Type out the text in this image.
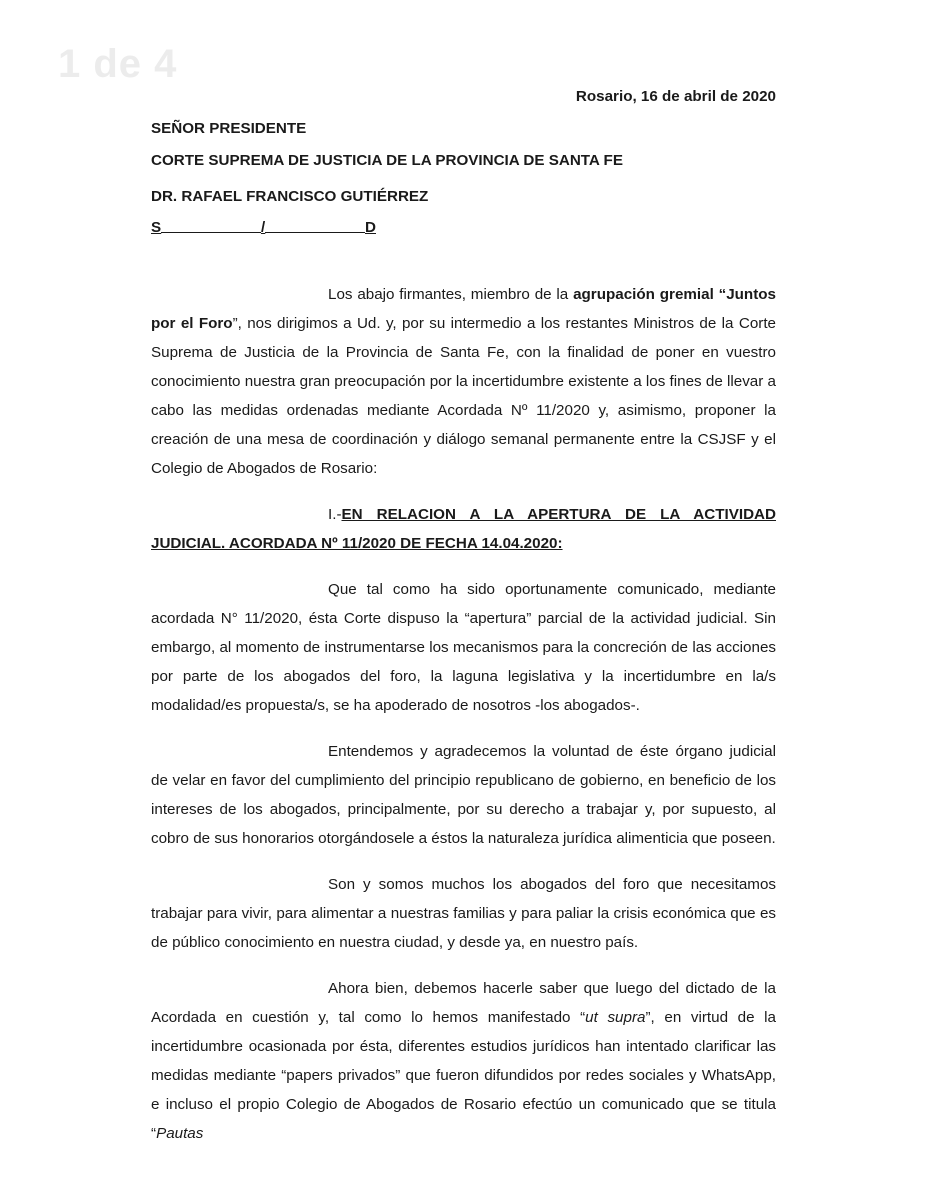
1 de 4

Rosario, 16 de abril de 2020

SEÑOR PRESIDENTE

CORTE SUPREMA DE JUSTICIA DE LA PROVINCIA DE SANTA FE

DR. RAFAEL FRANCISCO GUTIÉRREZ

S	/	D

Los abajo firmantes, miembro de la agrupación gremial “Juntos por el Foro”, nos dirigimos a Ud. y, por su intermedio a los restantes Ministros de la Corte Suprema de Justicia de la Provincia de Santa Fe, con la finalidad de poner en vuestro conocimiento nuestra gran preocupación por la incertidumbre existente a los fines de llevar a cabo las medidas ordenadas mediante Acordada Nº 11/2020 y, asimismo, proponer la creación de una mesa de coordinación y diálogo semanal permanente entre la CSJSF y el Colegio de Abogados de Rosario:

I.-EN RELACION A LA APERTURA DE LA ACTIVIDAD JUDICIAL. ACORDADA Nº 11/2020 DE FECHA 14.04.2020:

Que tal como ha sido oportunamente comunicado, mediante acordada N° 11/2020, ésta Corte dispuso la “apertura” parcial de la actividad judicial. Sin embargo, al momento de instrumentarse los mecanismos para la concreción de las acciones por parte de los abogados del foro, la laguna legislativa y la incertidumbre en la/s modalidad/es propuesta/s, se ha apoderado de nosotros -los abogados-.

Entendemos y agradecemos la voluntad de éste órgano judicial de velar en favor del cumplimiento del principio republicano de gobierno, en beneficio de los intereses de los abogados, principalmente, por su derecho a trabajar y, por supuesto, al cobro de sus honorarios otorgándosele a éstos la naturaleza jurídica alimenticia que poseen.

Son y somos muchos los abogados del foro que necesitamos trabajar para vivir, para alimentar a nuestras familias y para paliar la crisis económica que es de público conocimiento en nuestra ciudad, y desde ya, en nuestro país.

Ahora bien, debemos hacerle saber que luego del dictado de la Acordada en cuestión y, tal como lo hemos manifestado “ut supra”, en virtud de la incertidumbre ocasionada por ésta, diferentes estudios jurídicos han intentado clarificar las medidas mediante “papers privados” que fueron difundidos por redes sociales y WhatsApp, e incluso el propio Colegio de Abogados de Rosario efectúo un comunicado que se titula “Pautas
